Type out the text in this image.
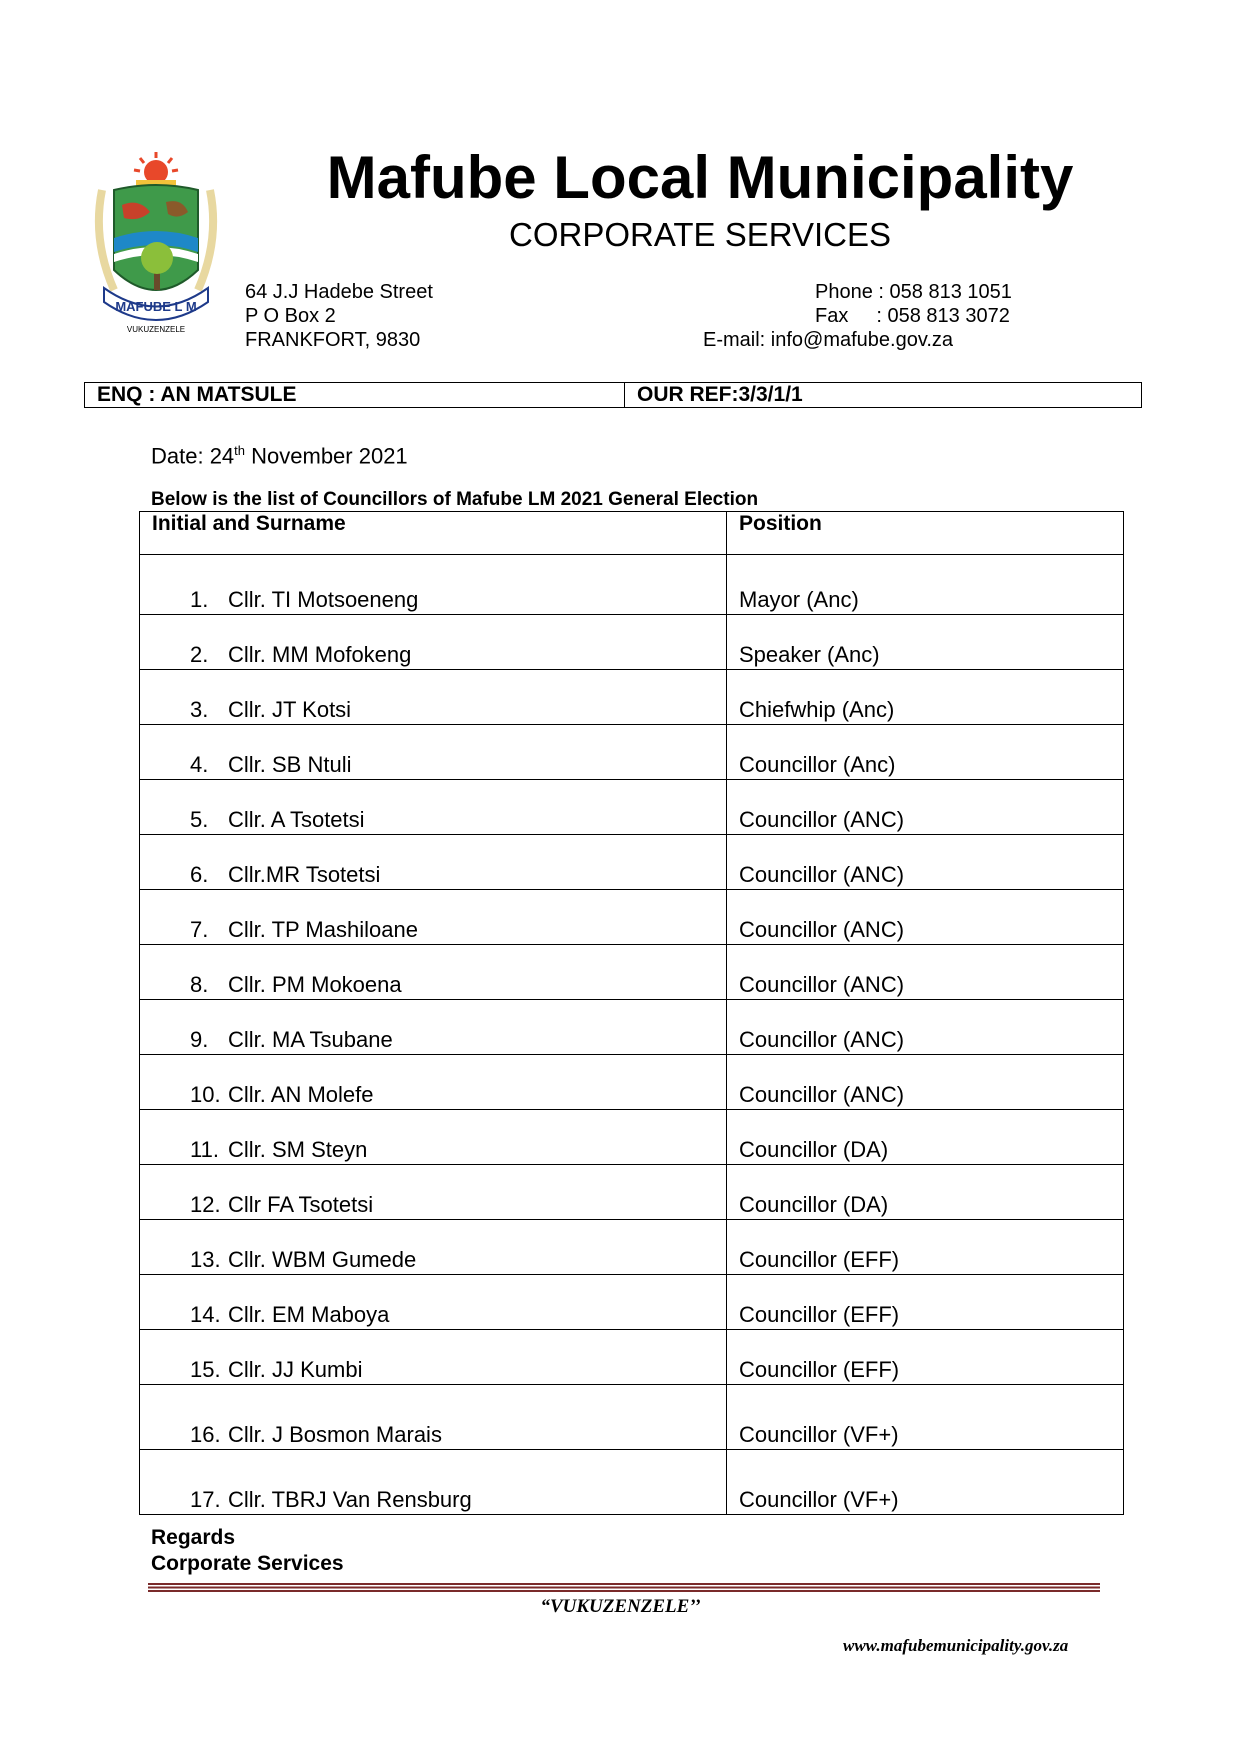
MAFUBE L M
VUKUZENZELE
Mafube Local Municipality
CORPORATE SERVICES
64 J.J Hadebe Street
P O Box 2
FRANKFORT, 9830
Phone : 058 813 1051
Fax : 058 813 3072
E-mail: info@mafube.gov.za
ENQ : AN MATSULE	OUR REF:3/3/1/1
Date: 24th November 2021
Below is the list of Councillors of Mafube LM 2021 General Election
Initial and Surname	Position
1. Cllr. TI Motsoeneng	Mayor (Anc)
2. Cllr. MM Mofokeng	Speaker (Anc)
3. Cllr. JT Kotsi	Chiefwhip (Anc)
4. Cllr. SB Ntuli	Councillor (Anc)
5. Cllr. A Tsotetsi	Councillor (ANC)
6. Cllr.MR Tsotetsi	Councillor (ANC)
7. Cllr. TP Mashiloane	Councillor (ANC)
8. Cllr. PM Mokoena	Councillor (ANC)
9. Cllr. MA Tsubane	Councillor (ANC)
10. Cllr. AN Molefe	Councillor (ANC)
11. Cllr. SM Steyn	Councillor (DA)
12. Cllr FA Tsotetsi	Councillor (DA)
13. Cllr. WBM Gumede	Councillor (EFF)
14. Cllr. EM Maboya	Councillor (EFF)
15. Cllr. JJ Kumbi	Councillor (EFF)
16. Cllr. J Bosmon Marais	Councillor (VF+)
17. Cllr. TBRJ Van Rensburg	Councillor (VF+)
Regards
Corporate Services
“VUKUZENZELE’’
www.mafubemunicipality.gov.za
